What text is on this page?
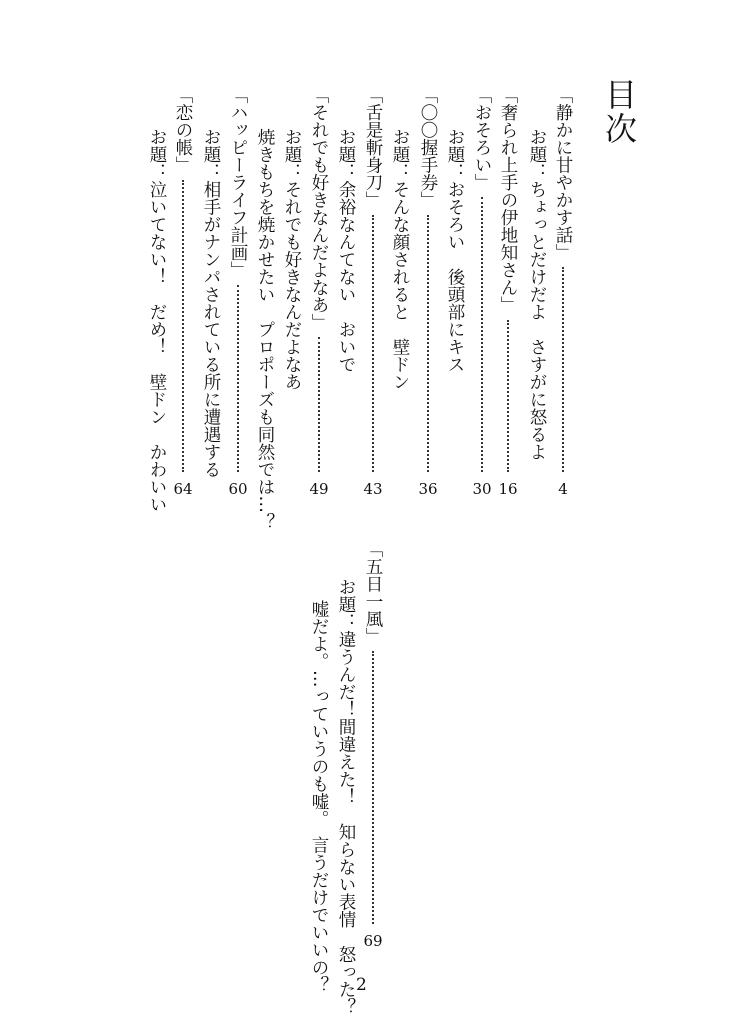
目次
「静かに甘やかす話」
4
お題：ちょっとだけだよ　さすがに怒るよ
「奢られ上手の伊地知さん」
16
「おそろい」
30
お題：おそろい　後頭部にキス
「〇〇握手券」
36
お題：そんな顔されると　壁ドン
「舌是斬身刀」
43
お題：余裕なんてない　おいで
「それでも好きなんだよなあ」
49
お題：それでも好きなんだよなあ
焼きもちを焼かせたい　プロポーズも同然では…？
「ハッピーライフ計画」
60
お題：相手がナンパされている所に遭遇する
「恋の帳」
64
お題：泣いてない！　だめ！　壁ドン　かわいい
「五日一風」
69
お題：違うんだ！間違えた！　知らない表情　怒った？
嘘だよ。…っていうのも嘘。　言うだけでいいの？ 2
